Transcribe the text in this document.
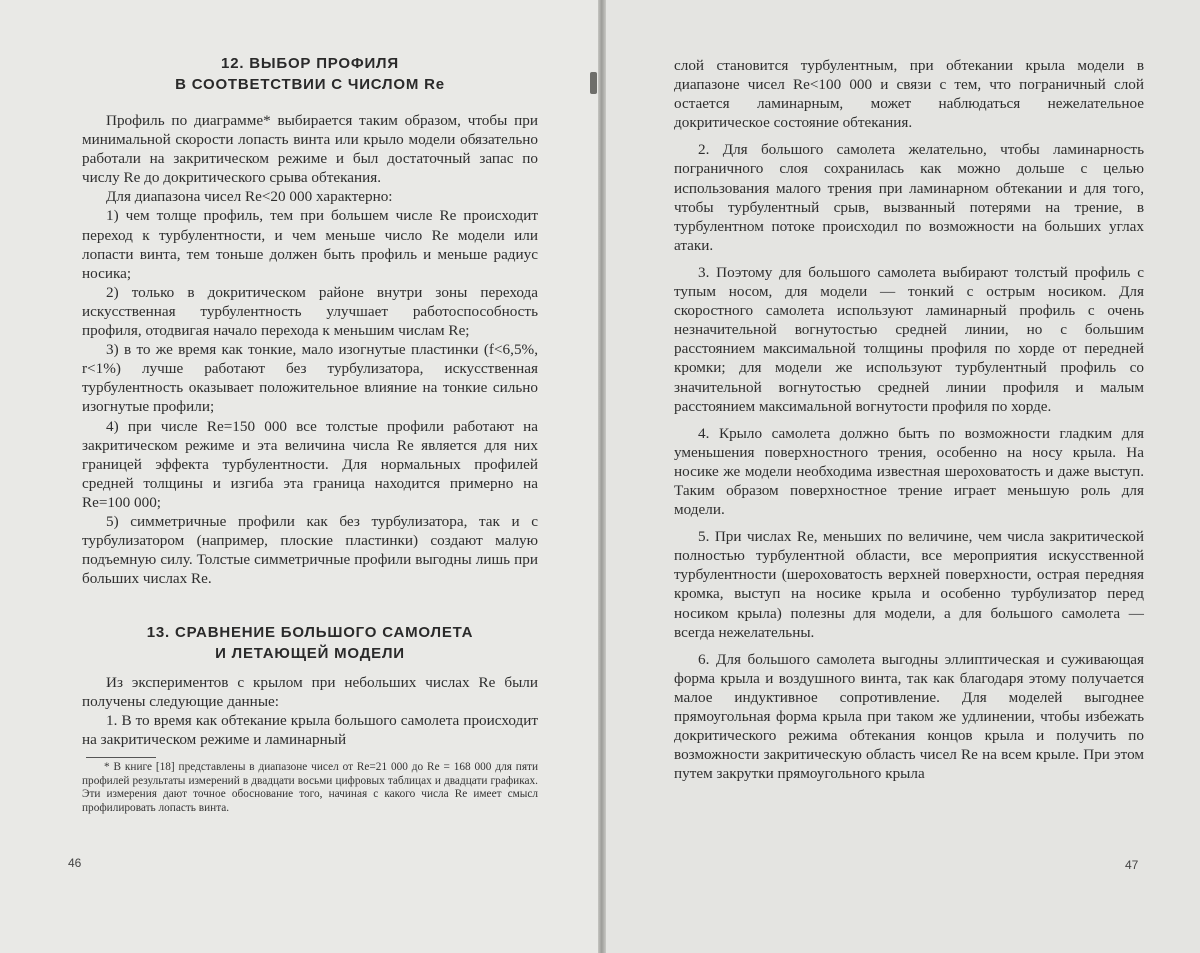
12. ВЫБОР ПРОФИЛЯ
В СООТВЕТСТВИИ С ЧИСЛОМ Re

Профиль по диаграмме* выбирается таким образом, чтобы при минимальной скорости лопасть винта или крыло модели обязательно работали на закритическом режиме и был достаточный запас по числу Re до докритического срыва обтекания.

Для диапазона чисел Re<20 000 характерно:

1) чем толще профиль, тем при большем числе Re происходит переход к турбулентности, и чем меньше число Re модели или лопасти винта, тем тоньше должен быть профиль и меньше радиус носика;

2) только в докритическом районе внутри зоны перехода искусственная турбулентность улучшает работоспособность профиля, отодвигая начало перехода к меньшим числам Re;

3) в то же время как тонкие, мало изогнутые пластинки (f<6,5%, r<1%) лучше работают без турбулизатора, искусственная турбулентность оказывает положительное влияние на тонкие сильно изогнутые профили;

4) при числе Re=150 000 все толстые профили работают на закритическом режиме и эта величина числа Re является для них границей эффекта турбулентности. Для нормальных профилей средней толщины и изгиба эта граница находится примерно на Re=100 000;

5) симметричные профили как без турбулизатора, так и с турбулизатором (например, плоские пластинки) создают малую подъемную силу. Толстые симметричные профили выгодны лишь при больших числах Re.

13. СРАВНЕНИЕ БОЛЬШОГО САМОЛЕТА
И ЛЕТАЮЩЕЙ МОДЕЛИ

Из экспериментов с крылом при небольших числах Re были получены следующие данные:

1. В то время как обтекание крыла большого самолета происходит на закритическом режиме и ламинарный

* В книге [18] представлены в диапазоне чисел от Re=21 000 до Re = 168 000 для пяти профилей результаты измерений в двадцати восьми цифровых таблицах и двадцати графиках. Эти измерения дают точное обоснование того, начиная с какого числа Re имеет смысл профилировать лопасть винта.

46

слой становится турбулентным, при обтекании крыла модели в диапазоне чисел Re<100 000 и связи с тем, что пограничный слой остается ламинарным, может наблюдаться нежелательное докритическое состояние обтекания.

2. Для большого самолета желательно, чтобы ламинарность пограничного слоя сохранилась как можно дольше с целью использования малого трения при ламинарном обтекании и для того, чтобы турбулентный срыв, вызванный потерями на трение, в турбулентном потоке происходил по возможности на больших углах атаки.

3. Поэтому для большого самолета выбирают толстый профиль с тупым носом, для модели — тонкий с острым носиком. Для скоростного самолета используют ламинарный профиль с очень незначительной вогнутостью средней линии, но с большим расстоянием максимальной толщины профиля по хорде от передней кромки; для модели же используют турбулентный профиль со значительной вогнутостью средней линии профиля и малым расстоянием максимальной вогнутости профиля по хорде.

4. Крыло самолета должно быть по возможности гладким для уменьшения поверхностного трения, особенно на носу крыла. На носике же модели необходима известная шероховатость и даже выступ. Таким образом поверхностное трение играет меньшую роль для модели.

5. При числах Re, меньших по величине, чем числа закритической полностью турбулентной области, все мероприятия искусственной турбулентности (шероховатость верхней поверхности, острая передняя кромка, выступ на носике крыла и особенно турбулизатор перед носиком крыла) полезны для модели, а для большого самолета — всегда нежелательны.

6. Для большого самолета выгодны эллиптическая и суживающая форма крыла и воздушного винта, так как благодаря этому получается малое индуктивное сопротивление. Для моделей выгоднее прямоугольная форма крыла при таком же удлинении, чтобы избежать докритического режима обтекания концов крыла и получить по возможности закритическую область чисел Re на всем крыле. При этом путем закрутки прямоугольного крыла

47
